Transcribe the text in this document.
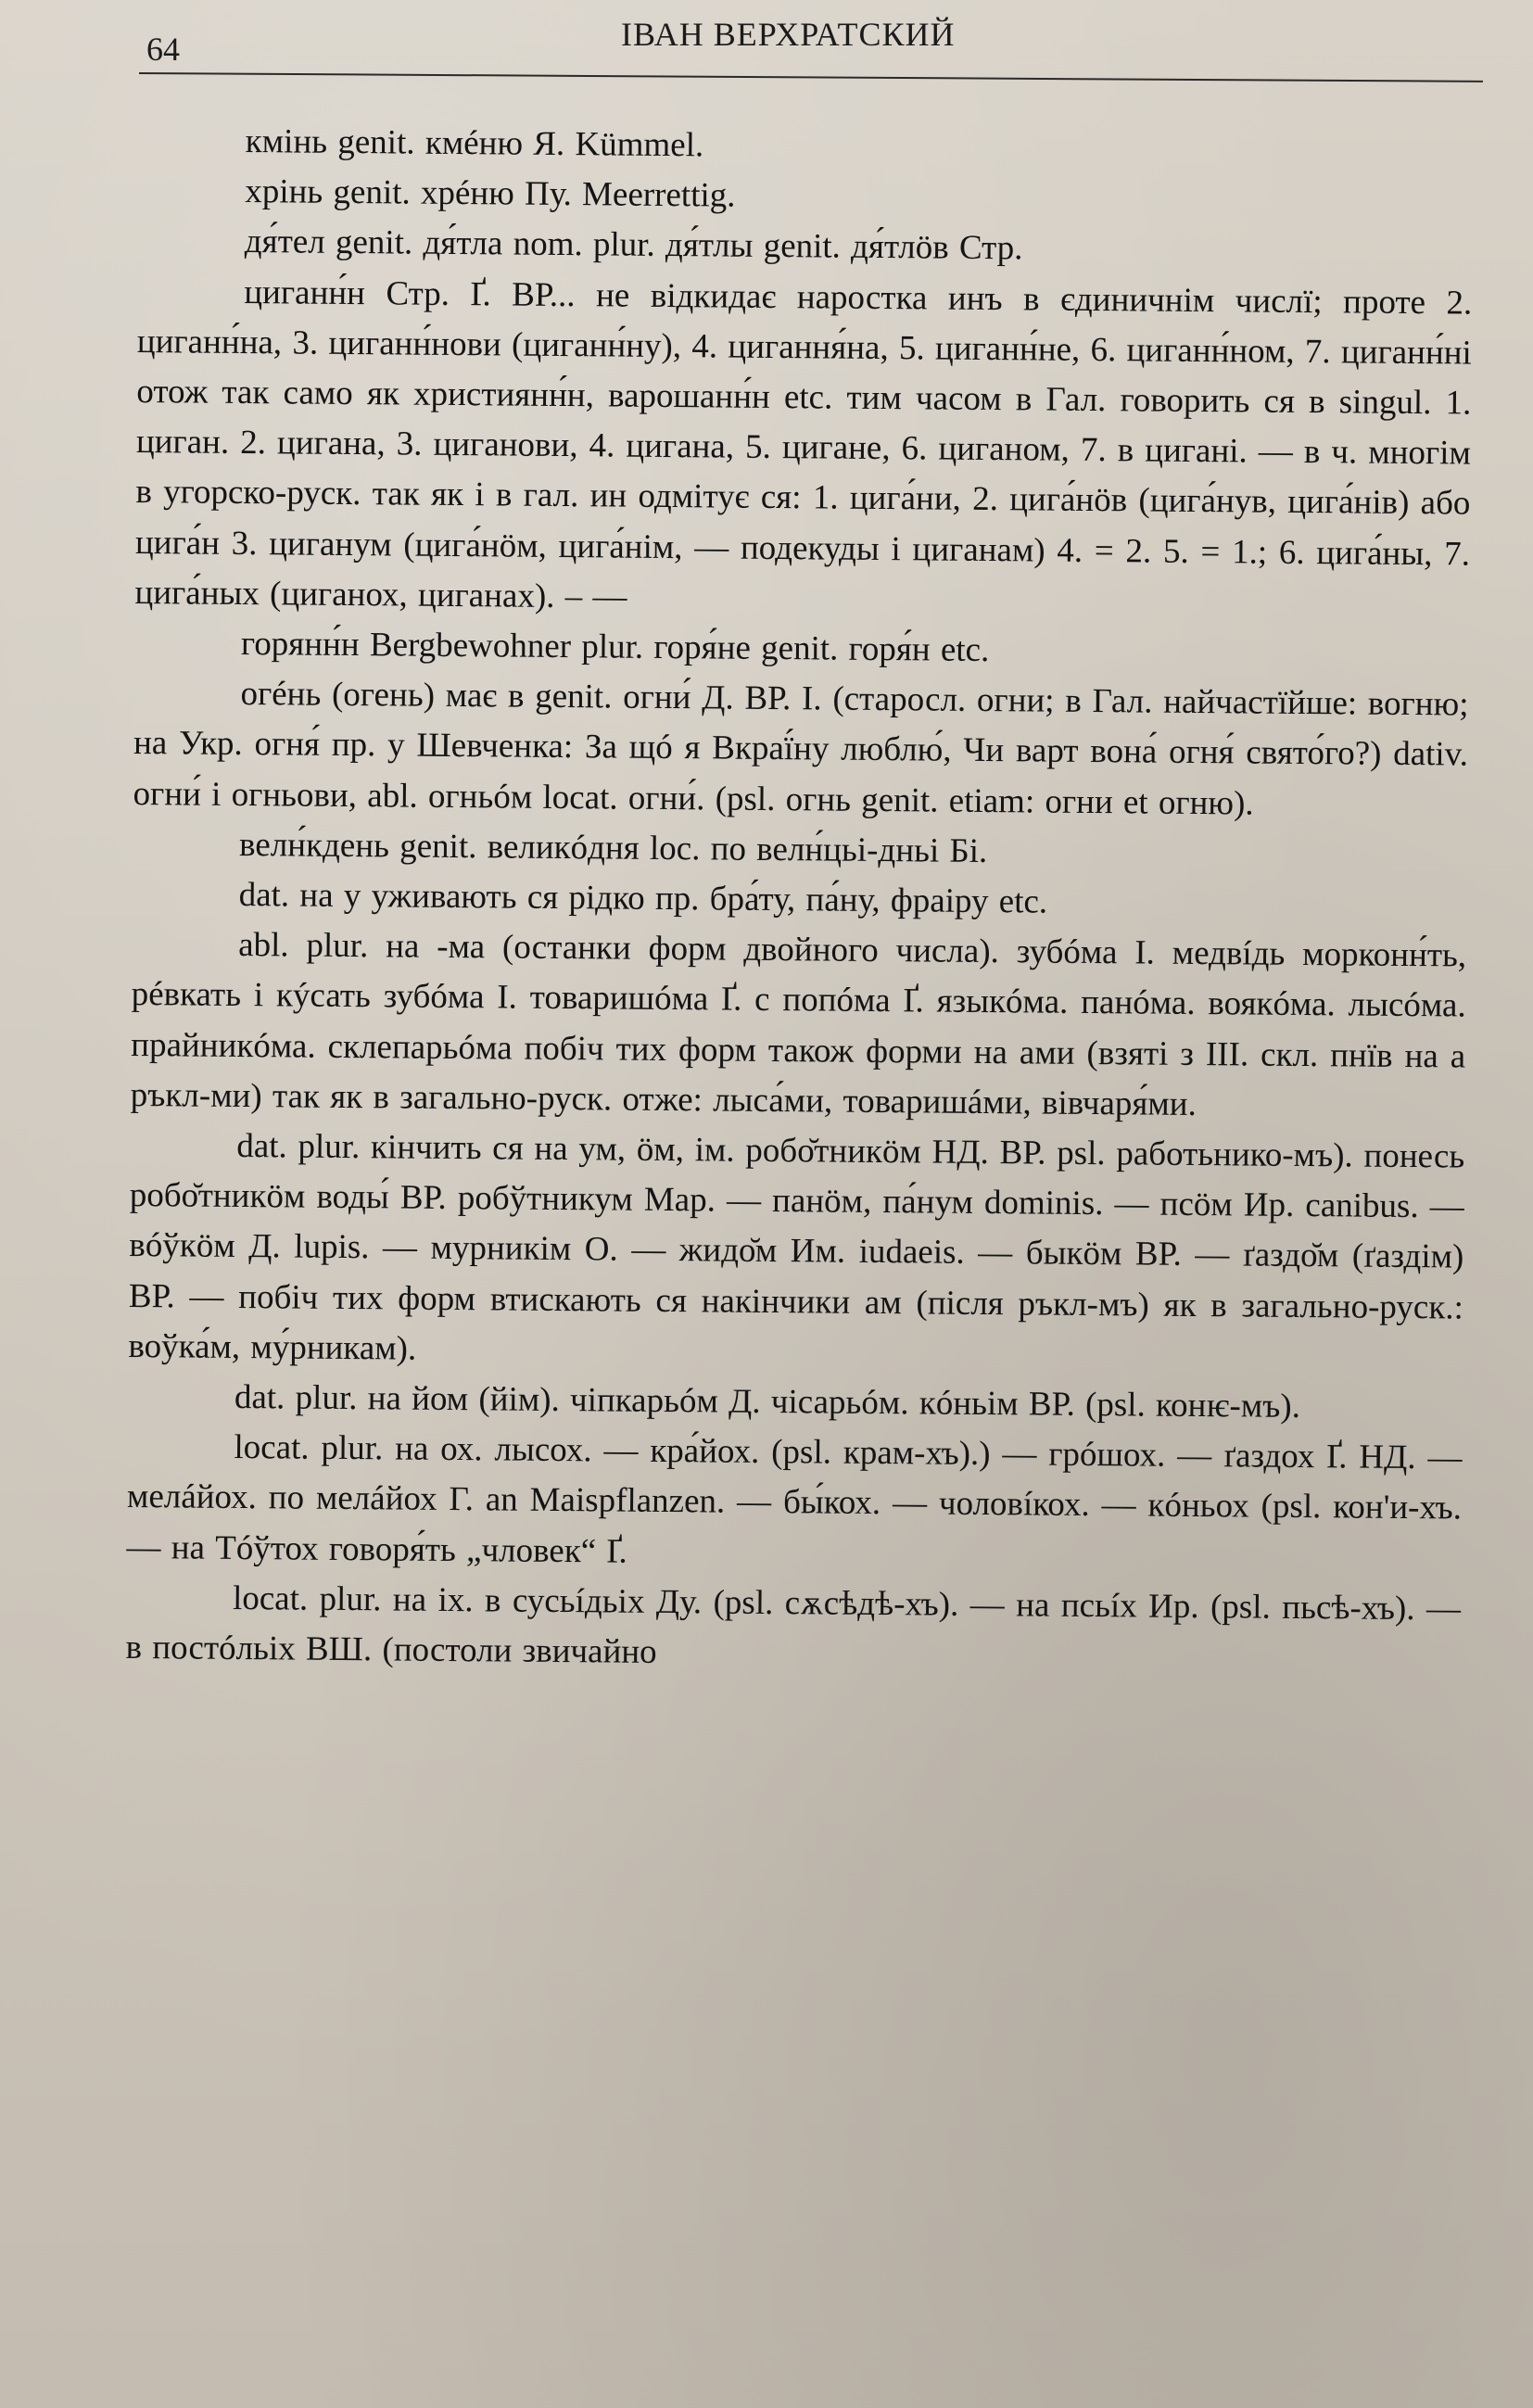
64	ІВАН ВЕРХРАТСКИЙ

кмінь genit. кмéню Я. Kümmel.

хрінь genit. хрéню Пу. Meerrettig.

дя́тел genit. дя́тла nom. plur. дя́тлы genit. дя́тлöв Стр.

циганн́н Стр. Ґ. ВР... не відкидає наростка инъ в єдиничнім числї; проте 2. циганн́на, 3. циганн́нови (циганн́ну), 4. цигання́на, 5. циганн́не, 6. циганн́ном, 7. циганн́ні отож так само як християнн́н, варошанн́н etc. тим часом в Гал. говорить ся в singul. 1. циган. 2. цигана, 3. циганови, 4. цигана, 5. цигане, 6. циганом, 7. в цигані. — в ч. многім в угорско-руск. так як і в гал. ин одмітує ся: 1. цига́ни, 2. цига́нöв (цига́нув, цига́нів) або цига́н 3. циганум (цига́нöм, цига́нім, — подекуды і циганам) 4. = 2. 5. = 1.; 6. цига́ны, 7. цига́ных (циганох, циганах). – —

горянн́н Bergbewohner plur. горя́не genit. горя́н etc.

огéнь (огень) має в genit. огни́ Д. ВР. І. (старосл. огни; в Гал. найчастїйше: вогню; на Укр. огня́ пр. у Шевченка: За щó я Вкраї́ну люблю́, Чи варт вона́ огня́ свято́го?) dativ. огни́ і огньови, abl. огньóм locat. огни́. (psl. огнь genit. etiam: огни et огню).

велн́кдень genit. великóдня loc. по велн́цьі-дньі Бі.

dat. на у уживають ся рідко пр. бра́ту, па́ну, фраіру etc.

abl. plur. на -ма (останки форм двойного числа). зубóма І. медвíдь морконн́ть, рéвкать і кýсать зубóма І. товаришóма Ґ. с попóма Ґ. языкóма. панóма. воякóма. лысóма. прайникóма. склепарьóма побіч тих форм також форми на ами (взяті з ІІІ. скл. пнїв на а ръкл-ми) так як в загально-руск. отже: лыса́ми, товаришáми, вівчаря́ми.

dat. plur. кінчить ся на ум, öм, ім. робо̆тникöм НД. ВР. psl. работьнико-мъ). понесь робо̆тникöм воды́ ВР. робўтникум Мар. — панöм, па́нум dominis. — псöм Ир. canibus. — вóўкöм Д. lupis. — мурникім О. — жидо̆м Им. iudaeis. — быкöм ВР. — ґаздо̆м (ґаздім) ВР. — побіч тих форм втискають ся накінчики ам (після ръкл-мъ) як в загально-руск.: воўка́м, му́рникам).

dat. plur. на йом (йім). чіпкарьóм Д. чісарьóм. кóньім ВР. (psl. конѥ-мъ).

locat. plur. на ох. лысох. — кра́йох. (psl. крам-хъ).) — грóшох. — ґаздох Ґ. НД. — мелáйох. по мелáйох Г. an Maispflanzen. — бы́кох. — чоловíкох. — кóньох (psl. кон'и-хъ. — на Тóўтох говоря́ть „чловек“ Ґ.

locat. plur. на іх. в сусьíдьіх Ду. (psl. сѫсѣдѣ-хъ). — на псьíх Ир. (psl. пьсѣ-хъ). — в постóльіх ВШ. (постоли звичайно
